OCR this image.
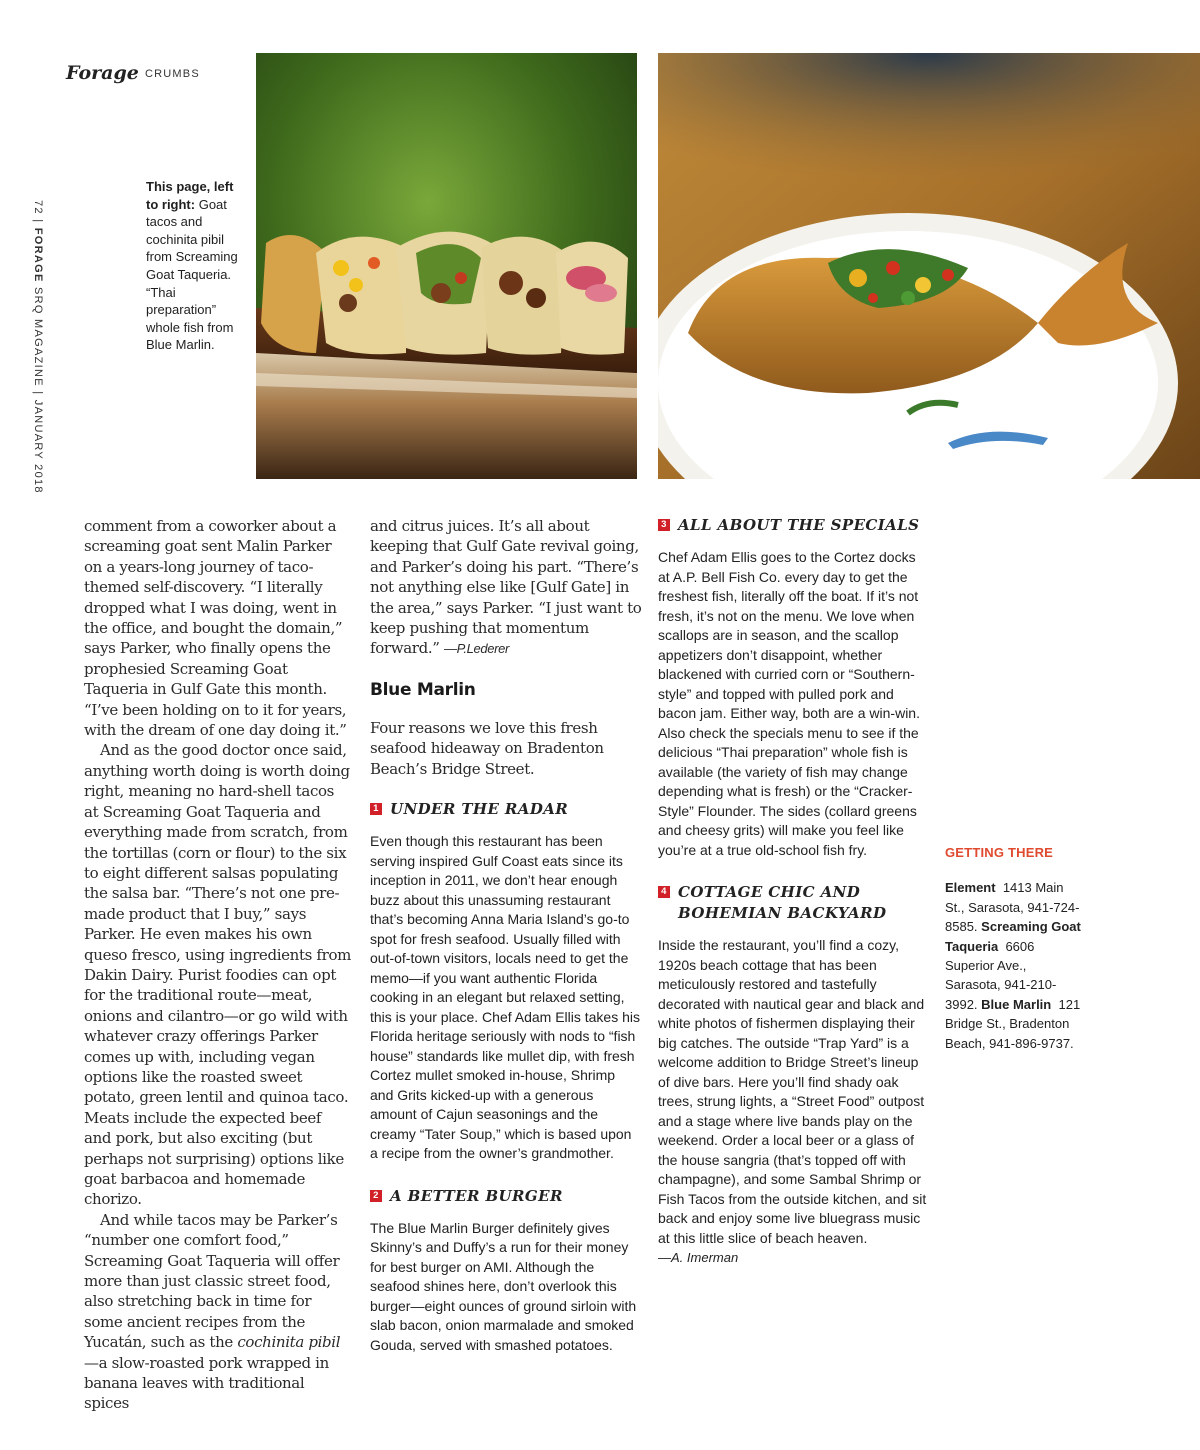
Forage CRUMBS
72 | FORAGE SRQ MAGAZINE | JANUARY 2018
This page, left to right: Goat tacos and cochinita pibil from Screaming Goat Taqueria. “Thai preparation” whole fish from Blue Marlin.

comment from a coworker about a screaming goat sent Malin Parker on a years-long journey of taco-themed self-discovery. “I literally dropped what I was doing, went in the office, and bought the domain,” says Parker, who finally opens the prophesied Screaming Goat Taqueria in Gulf Gate this month. “I’ve been holding on to it for years, with the dream of one day doing it.”

And as the good doctor once said, anything worth doing is worth doing right, meaning no hard-shell tacos at Screaming Goat Taqueria and everything made from scratch, from the tortillas (corn or flour) to the six to eight different salsas populating the salsa bar. “There’s not one pre-made product that I buy,” says Parker. He even makes his own queso fresco, using ingredients from Dakin Dairy. Purist foodies can opt for the traditional route—meat, onions and cilantro—or go wild with whatever crazy offerings Parker comes up with, including vegan options like the roasted sweet potato, green lentil and quinoa taco. Meats include the expected beef and pork, but also exciting (but perhaps not surprising) options like goat barbacoa and homemade chorizo.

And while tacos may be Parker’s “number one comfort food,” Screaming Goat Taqueria will offer more than just classic street food, also stretching back in time for some ancient recipes from the Yucatán, such as the cochinita pibil—a slow-roasted pork wrapped in banana leaves with traditional spices

and citrus juices. It’s all about keeping that Gulf Gate revival going, and Parker’s doing his part. “There’s not anything else like [Gulf Gate] in the area,” says Parker. “I just want to keep pushing that momentum forward.” —P.Lederer

Blue Marlin

Four reasons we love this fresh seafood hideaway on Bradenton Beach’s Bridge Street.

1 UNDER THE RADAR

Even though this restaurant has been serving inspired Gulf Coast eats since its inception in 2011, we don’t hear enough buzz about this unassuming restaurant that’s becoming Anna Maria Island’s go-to spot for fresh seafood. Usually filled with out-of-town visitors, locals need to get the memo—if you want authentic Florida cooking in an elegant but relaxed setting, this is your place. Chef Adam Ellis takes his Florida heritage seriously with nods to “fish house” standards like mullet dip, with fresh Cortez mullet smoked in-house, Shrimp and Grits kicked-up with a generous amount of Cajun seasonings and the creamy “Tater Soup,” which is based upon a recipe from the owner’s grandmother.

2 A BETTER BURGER

The Blue Marlin Burger definitely gives Skinny’s and Duffy’s a run for their money for best burger on AMI. Although the seafood shines here, don’t overlook this burger—eight ounces of ground sirloin with slab bacon, onion marmalade and smoked Gouda, served with smashed potatoes.

3 ALL ABOUT THE SPECIALS

Chef Adam Ellis goes to the Cortez docks at A.P. Bell Fish Co. every day to get the freshest fish, literally off the boat. If it’s not fresh, it’s not on the menu. We love when scallops are in season, and the scallop appetizers don’t disappoint, whether blackened with curried corn or “Southern-style” and topped with pulled pork and bacon jam. Either way, both are a win-win. Also check the specials menu to see if the delicious “Thai preparation” whole fish is available (the variety of fish may change depending what is fresh) or the “Cracker-Style” Flounder. The sides (collard greens and cheesy grits) will make you feel like you’re at a true old-school fish fry.

4 COTTAGE CHIC AND BOHEMIAN BACKYARD

Inside the restaurant, you’ll find a cozy, 1920s beach cottage that has been meticulously restored and tastefully decorated with nautical gear and black and white photos of fishermen displaying their big catches. The outside “Trap Yard” is a welcome addition to Bridge Street’s lineup of dive bars. Here you’ll find shady oak trees, strung lights, a “Street Food” outpost and a stage where live bands play on the weekend. Order a local beer or a glass of the house sangria (that’s topped off with champagne), and some Sambal Shrimp or Fish Tacos from the outside kitchen, and sit back and enjoy some live bluegrass music at this little slice of beach heaven.

—A. Imerman

GETTING THERE
Element 1413 Main St., Sarasota, 941-724-8585. Screaming Goat Taqueria 6606 Superior Ave., Sarasota, 941-210-3992. Blue Marlin 121 Bridge St., Bradenton Beach, 941-896-9737.
